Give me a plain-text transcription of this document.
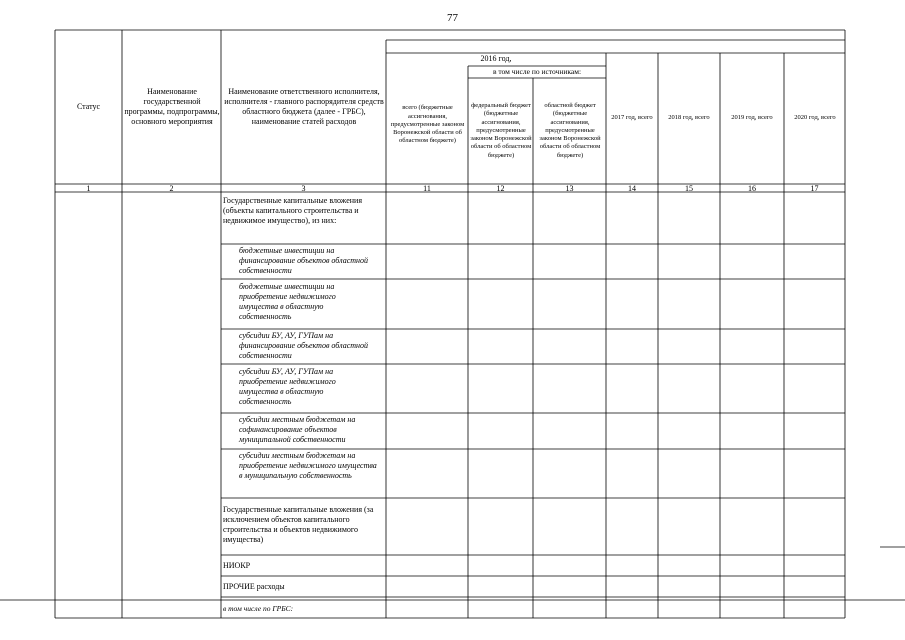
77
Статус
Наименование государственной программы, подпрограммы, основного мероприятия
Наименование ответственного исполнителя, исполнителя - главного распорядителя средств областного бюджета (далее - ГРБС), наименование статей расходов
2016 год,
в том числе по источникам:
всего (бюджетные ассигнования, предусмотренные законом Воронежской области об областном бюджете)
федеральный бюджет (бюджетные ассигнования, предусмотренные законом Воронежской области об областном бюджете)
областной бюджет (бюджетные ассигнования, предусмотренные законом Воронежской области об областном бюджете)
2017 год, всего	2018 год, всего	2019 год, всего	2020 год, всего
1	2	3	11	12	13	14	15	16	17
Государственные капитальные вложения (объекты капитального строительства и недвижимое имущество), из них:
бюджетные инвестиции на финансирование объектов областной собственности
бюджетные инвестиции на приобретение недвижимого имущества в областную собственность
субсидии БУ, АУ, ГУПам на финансирование объектов областной собственности
субсидии БУ, АУ, ГУПам на приобретение недвижимого имущества в областную собственность
субсидии местным бюджетам на софинансирование объектов муниципальной собственности
субсидии местным бюджетам на приобретение недвижимого имущества в муниципальную собственность
Государственные капитальные вложения (за исключением объектов капитального строительства и объектов недвижимого имущества)
НИОКР
ПРОЧИЕ расходы
в том числе по ГРБС:
